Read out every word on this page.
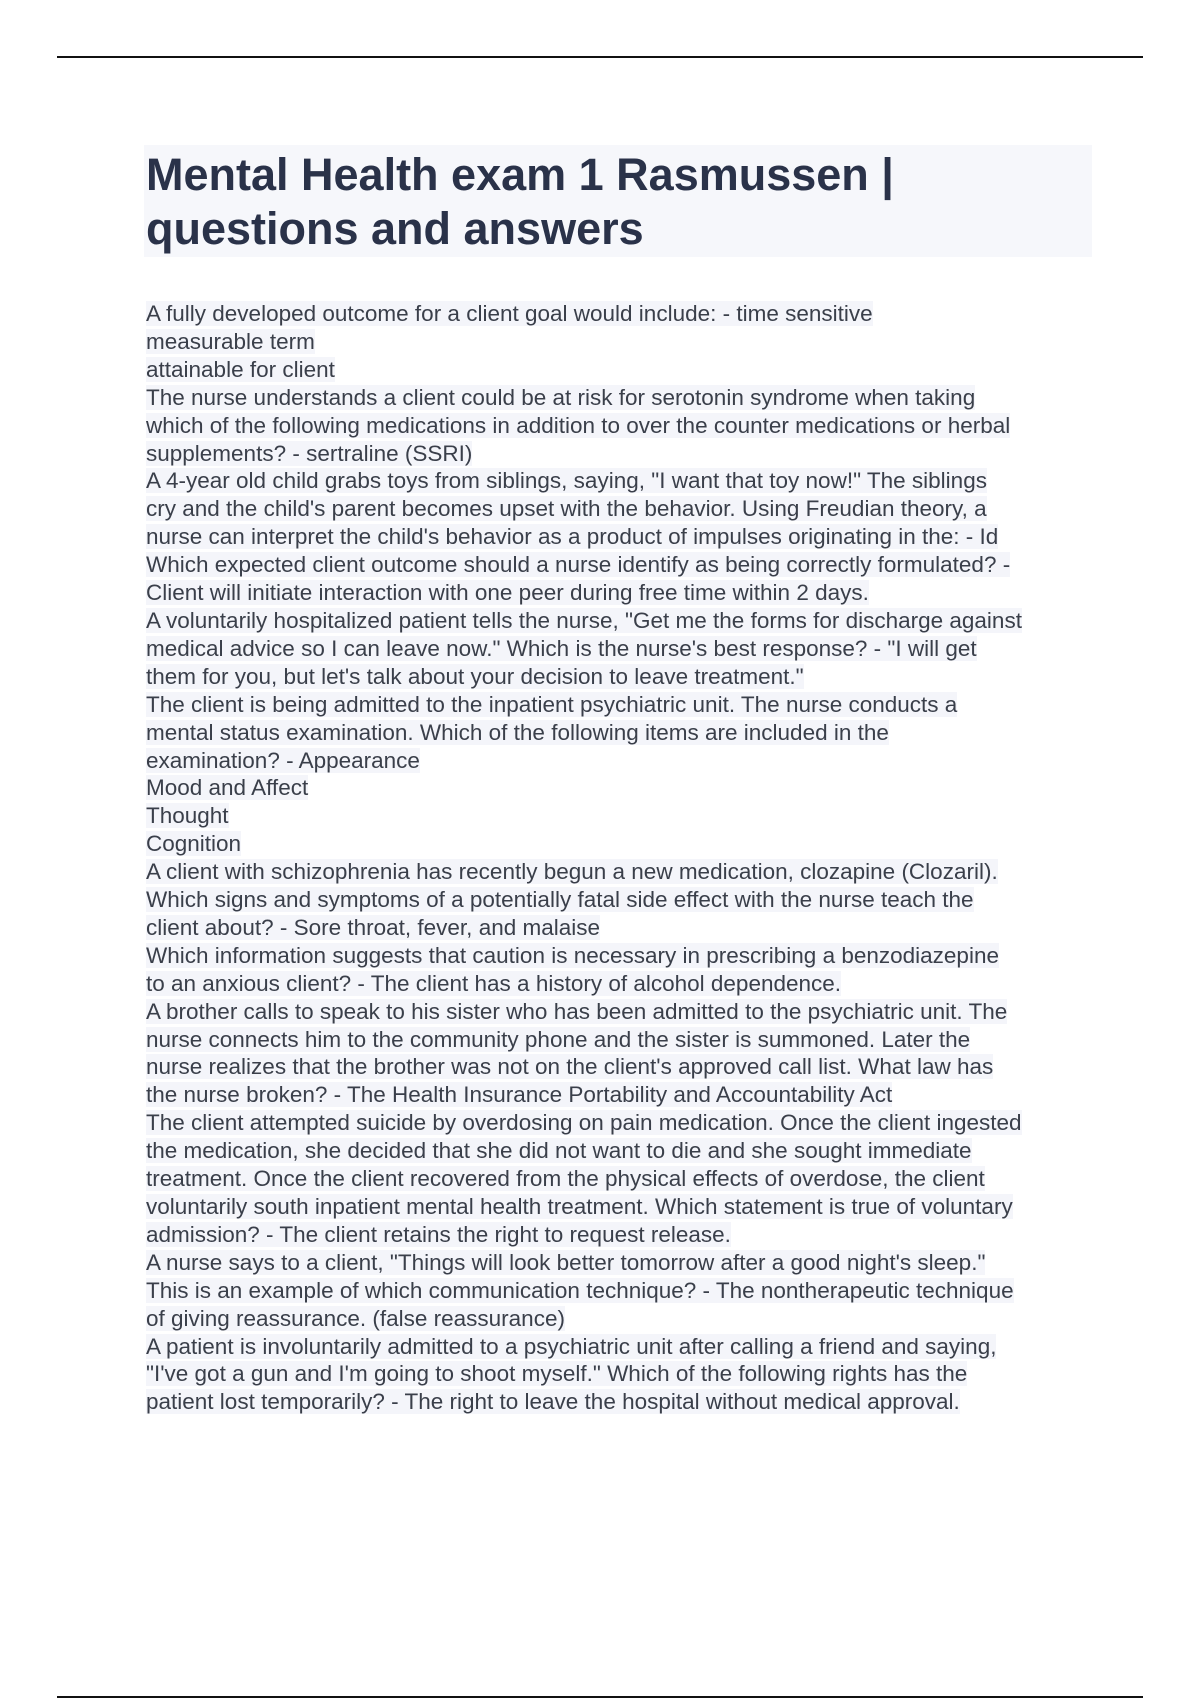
Mental Health exam 1 Rasmussen |
questions and answers
A fully developed outcome for a client goal would include: - time sensitive
measurable term
attainable for client
The nurse understands a client could be at risk for serotonin syndrome when taking
which of the following medications in addition to over the counter medications or herbal
supplements? - sertraline (SSRI)
A 4-year old child grabs toys from siblings, saying, "I want that toy now!" The siblings
cry and the child's parent becomes upset with the behavior. Using Freudian theory, a
nurse can interpret the child's behavior as a product of impulses originating in the: - Id
Which expected client outcome should a nurse identify as being correctly formulated? -
Client will initiate interaction with one peer during free time within 2 days.
A voluntarily hospitalized patient tells the nurse, "Get me the forms for discharge against
medical advice so I can leave now." Which is the nurse's best response? - "I will get
them for you, but let's talk about your decision to leave treatment."
The client is being admitted to the inpatient psychiatric unit. The nurse conducts a
mental status examination. Which of the following items are included in the
examination? - Appearance
Mood and Affect
Thought
Cognition
A client with schizophrenia has recently begun a new medication, clozapine (Clozaril).
Which signs and symptoms of a potentially fatal side effect with the nurse teach the
client about? - Sore throat, fever, and malaise
Which information suggests that caution is necessary in prescribing a benzodiazepine
to an anxious client? - The client has a history of alcohol dependence.
A brother calls to speak to his sister who has been admitted to the psychiatric unit. The
nurse connects him to the community phone and the sister is summoned. Later the
nurse realizes that the brother was not on the client's approved call list. What law has
the nurse broken? - The Health Insurance Portability and Accountability Act
The client attempted suicide by overdosing on pain medication. Once the client ingested
the medication, she decided that she did not want to die and she sought immediate
treatment. Once the client recovered from the physical effects of overdose, the client
voluntarily south inpatient mental health treatment. Which statement is true of voluntary
admission? - The client retains the right to request release.
A nurse says to a client, "Things will look better tomorrow after a good night's sleep."
This is an example of which communication technique? - The nontherapeutic technique
of giving reassurance. (false reassurance)
A patient is involuntarily admitted to a psychiatric unit after calling a friend and saying,
"I've got a gun and I'm going to shoot myself." Which of the following rights has the
patient lost temporarily? - The right to leave the hospital without medical approval.
